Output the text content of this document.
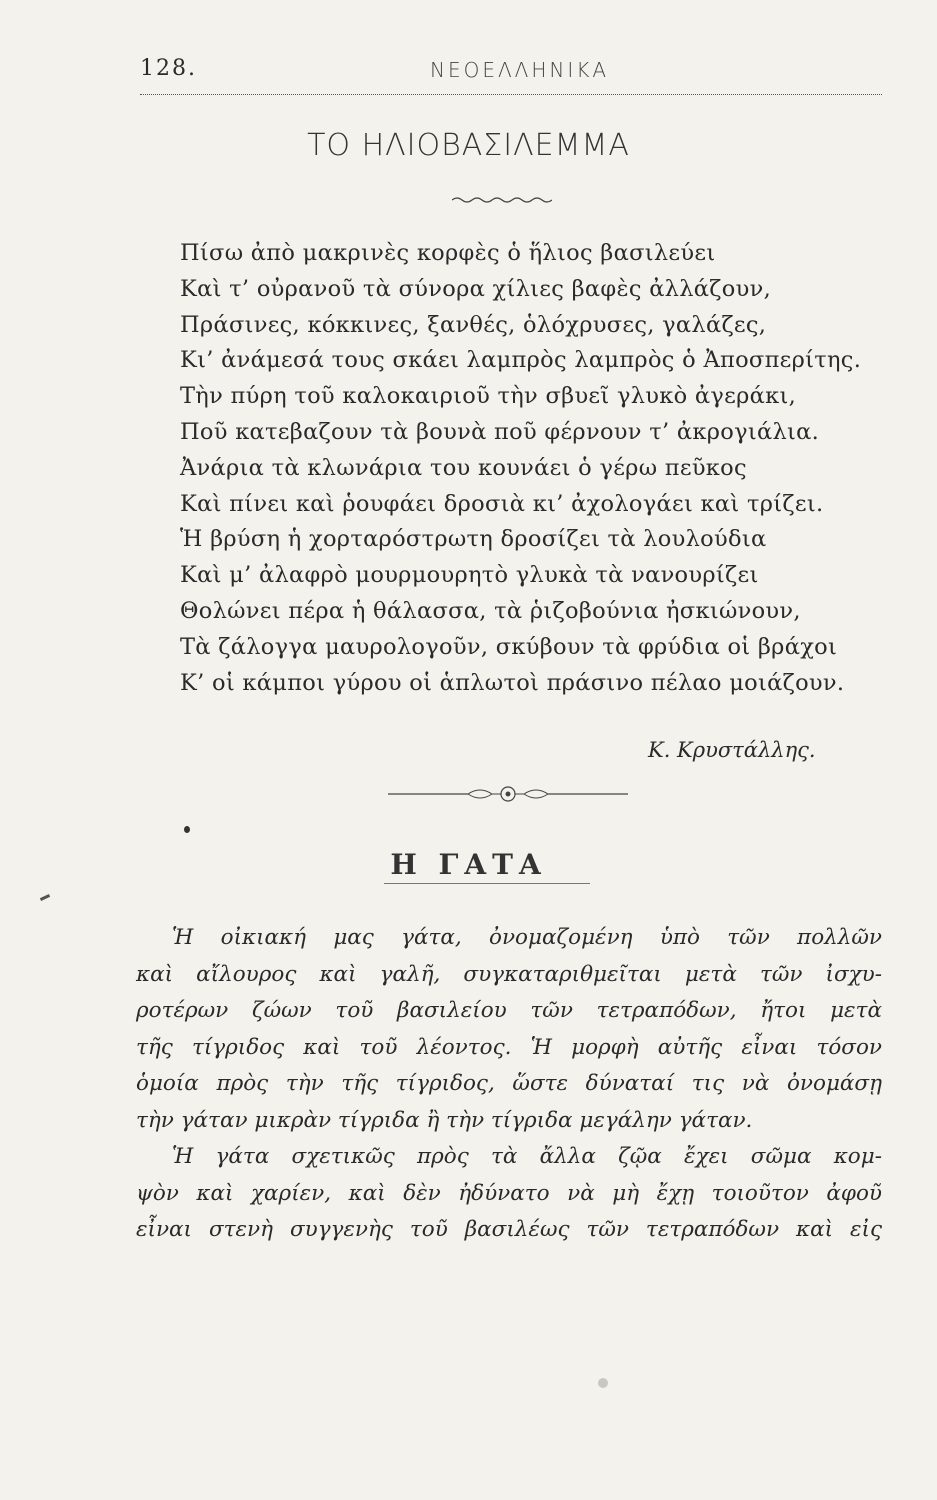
128.	ΝΕΟΕΛΛΗΝΙΚΑ
ΤΟ ΗΛΙΟΒΑΣΙΛΕΜΜΑ
Πίσω ἀπὸ μακρινὲς κορφὲς ὁ ἥλιος βασιλεύει
Καὶ τ’ οὐρανοῦ τὰ σύνορα χίλιες βαφὲς ἀλλάζουν,
Πράσινες, κόκκινες, ξανθές, ὁλόχρυσες, γαλάζες,
Κι’ ἀνάμεσά τους σκάει λαμπρὸς λαμπρὸς ὁ Ἀποσπερίτης.
Τὴν πύρη τοῦ καλοκαιριοῦ τὴν σβυεῖ γλυκὸ ἀγεράκι,
Ποῦ κατεβαζουν τὰ βουνὰ ποῦ φέρνουν τ’ ἀκρογιάλια.
Ἀνάρια τὰ κλωνάρια του κουνάει ὁ γέρω πεῦκος
Καὶ πίνει καὶ ῥουφάει δροσιὰ κι’ ἀχολογάει καὶ τρίζει.
Ἡ βρύση ἡ χορταρόστρωτη δροσίζει τὰ λουλούδια
Καὶ μ’ ἀλαφρὸ μουρμουρητὸ γλυκὰ τὰ νανουρίζει
Θολώνει πέρα ἡ θάλασσα, τὰ ῥιζοβούνια ἠσκιώνουν,
Τὰ ζάλογγα μαυρολογοῦν, σκύβουν τὰ φρύδια οἱ βράχοι
Κ’ οἱ κάμποι γύρου οἱ ἁπλωτοὶ πράσινο πέλαο μοιάζουν.
Κ. Κρυστάλλης.
Η ΓΑΤΑ
Ἡ οἰκιακή μας γάτα, ὀνομαζομένη ὑπὸ τῶν πολλῶν
καὶ αἴλουρος καὶ γαλῆ, συγκαταριθμεῖται μετὰ τῶν ἰσχυ-
ροτέρων ζώων τοῦ βασιλείου τῶν τετραπόδων, ἤτοι μετὰ
τῆς τίγριδος καὶ τοῦ λέοντος. Ἡ μορφὴ αὐτῆς εἶναι τόσον
ὁμοία πρὸς τὴν τῆς τίγριδος, ὥστε δύναταί τις νὰ ὀνομάσῃ
τὴν γάταν μικρὰν τίγριδα ἢ τὴν τίγριδα μεγάλην γάταν.
Ἡ γάτα σχετικῶς πρὸς τὰ ἄλλα ζῷα ἔχει σῶμα κομ-
ψὸν καὶ χαρίεν, καὶ δὲν ἠδύνατο νὰ μὴ ἔχῃ τοιοῦτον ἀφοῦ
εἶναι στενὴ συγγενὴς τοῦ βασιλέως τῶν τετραπόδων καὶ εἰς
